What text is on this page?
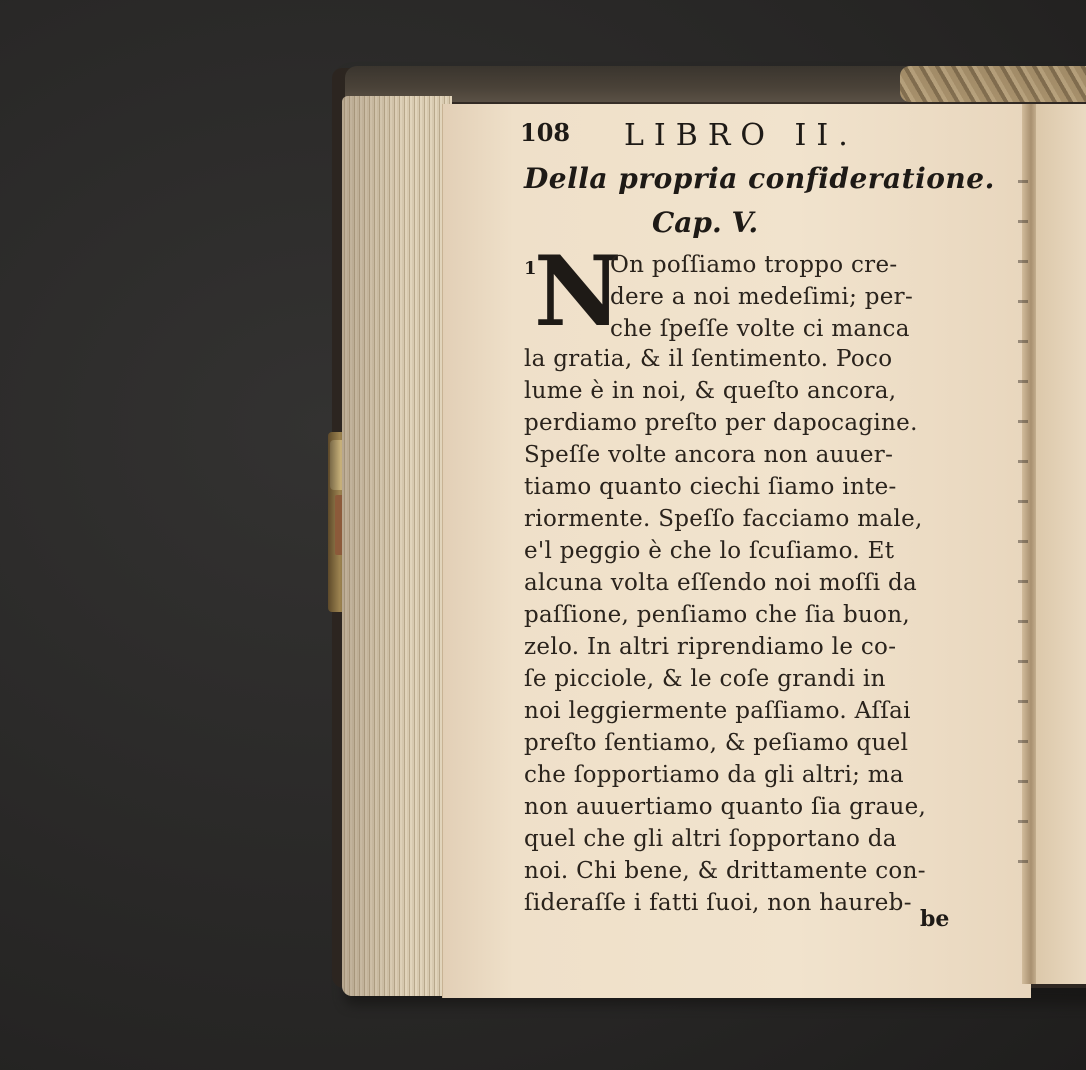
108 LIBRO II.
Della propria confideratione.
Cap. V.
1
N
On poſſiamo troppo cre-
dere a noi medeſimi; per-
che ſpeſſe volte ci manca
la gratia, & il ſentimento. Poco
lume è in noi, & queſto ancora,
perdiamo preſto per dapocagine.
Speſſe volte ancora non auuer-
tiamo quanto ciechi ſiamo inte-
riormente. Speſſo facciamo male,
e'l peggio è che lo ſcuſiamo. Et
alcuna volta eſſendo noi moſſi da
paſſione, penſiamo che ſia buon,
zelo. In altri riprendiamo le co-
ſe picciole, & le coſe grandi in
noi leggiermente paſſiamo. Aſſai
preſto ſentiamo, & peſiamo quel
che ſopportiamo da gli altri; ma
non auuertiamo quanto ſia graue,
quel che gli altri ſopportano da
noi. Chi bene, & drittamente con-
ſideraſſe i fatti ſuoi, non haureb-
be
